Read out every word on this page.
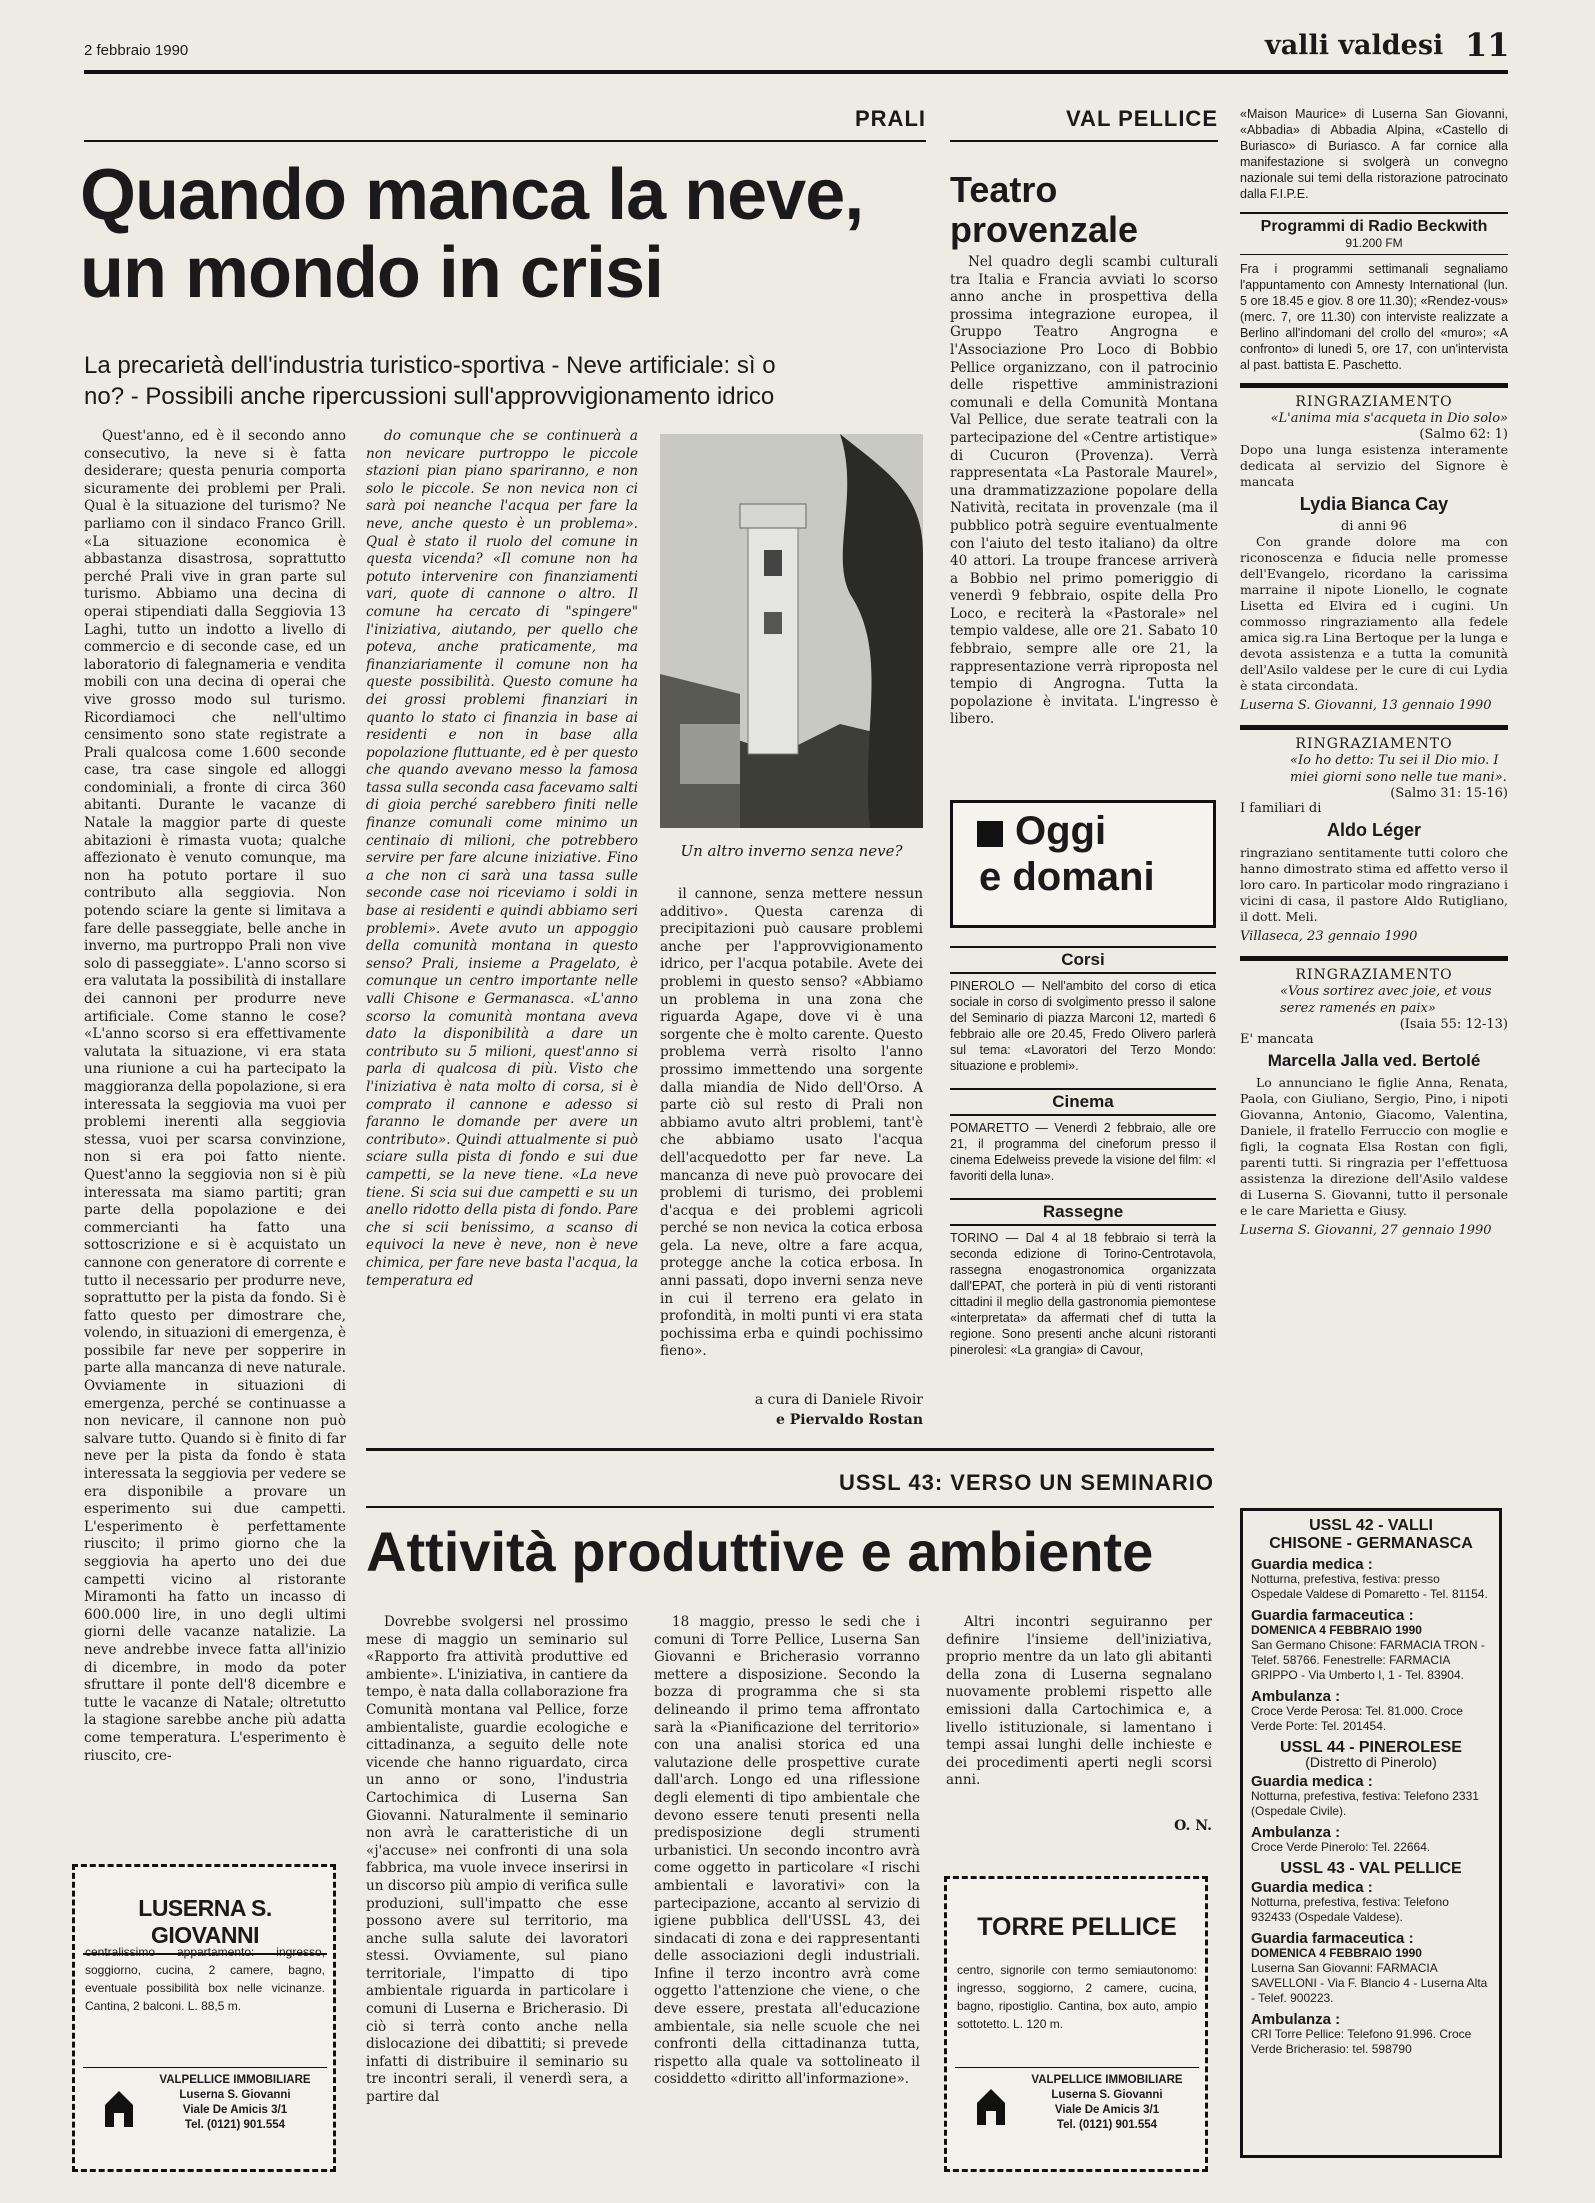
2 febbraio 1990	valli valdesi 11
PRALI
Quando manca la neve,
un mondo in crisi
La precarietà dell'industria turistico-sportiva - Neve artificiale: sì o
no? - Possibili anche ripercussioni sull'approvvigionamento idrico

Quest'anno, ed è il secondo anno consecutivo, la neve si è fatta desiderare; questa penuria comporta sicuramente dei problemi per Prali. Qual è la situazione del turismo? Ne parliamo con il sindaco Franco Grill. «La situazione economica è abbastanza disastrosa, soprattutto perché Prali vive in gran parte sul turismo. Abbiamo una decina di operai stipendiati dalla Seggiovia 13 Laghi, tutto un indotto a livello di commercio e di seconde case, ed un laboratorio di falegnameria e vendita mobili con una decina di operai che vive grosso modo sul turismo. Ricordiamoci che nell'ultimo censimento sono state registrate a Prali qualcosa come 1.600 seconde case, tra case singole ed alloggi condominiali, a fronte di circa 360 abitanti. Durante le vacanze di Natale la maggior parte di queste abitazioni è rimasta vuota; qualche affezionato è venuto comunque, ma non ha potuto portare il suo contributo alla seggiovia. Non potendo sciare la gente si limitava a fare delle passeggiate, belle anche in inverno, ma purtroppo Prali non vive solo di passeggiate». L'anno scorso si era valutata la possibilità di installare dei cannoni per produrre neve artificiale. Come stanno le cose? «L'anno scorso si era effettivamente valutata la situazione, vi era stata una riunione a cui ha partecipato la maggioranza della popolazione, si era interessata la seggiovia ma vuoi per problemi inerenti alla seggiovia stessa, vuoi per scarsa convinzione, non si era poi fatto niente. Quest'anno la seggiovia non si è più interessata ma siamo partiti; gran parte della popolazione e dei commercianti ha fatto una sottoscrizione e si è acquistato un cannone con generatore di corrente e tutto il necessario per produrre neve, soprattutto per la pista da fondo. Si è fatto questo per dimostrare che, volendo, in situazioni di emergenza, è possibile far neve per sopperire in parte alla mancanza di neve naturale. Ovviamente in situazioni di emergenza, perché se continuasse a non nevicare, il cannone non può salvare tutto. Quando si è finito di far neve per la pista da fondo è stata interessata la seggiovia per vedere se era disponibile a provare un esperimento sui due campetti. L'esperimento è perfettamente riuscito; il primo giorno che la seggiovia ha aperto uno dei due campetti vicino al ristorante Miramonti ha fatto un incasso di 600.000 lire, in uno degli ultimi giorni delle vacanze natalizie. La neve andrebbe invece fatta all'inizio di dicembre, in modo da poter sfruttare il ponte dell'8 dicembre e tutte le vacanze di Natale; oltretutto la stagione sarebbe anche più adatta come temperatura. L'esperimento è riuscito, cre-

do comunque che se continuerà a non nevicare purtroppo le piccole stazioni pian piano spariranno, e non solo le piccole. Se non nevica non ci sarà poi neanche l'acqua per fare la neve, anche questo è un problema». Qual è stato il ruolo del comune in questa vicenda? «Il comune non ha potuto intervenire con finanziamenti vari, quote di cannone o altro. Il comune ha cercato di "spingere" l'iniziativa, aiutando, per quello che poteva, anche praticamente, ma finanziariamente il comune non ha queste possibilità. Questo comune ha dei grossi problemi finanziari in quanto lo stato ci finanzia in base ai residenti e non in base alla popolazione fluttuante, ed è per questo che quando avevano messo la famosa tassa sulla seconda casa facevamo salti di gioia perché sarebbero finiti nelle finanze comunali come minimo un centinaio di milioni, che potrebbero servire per fare alcune iniziative. Fino a che non ci sarà una tassa sulle seconde case noi riceviamo i soldi in base ai residenti e quindi abbiamo seri problemi». Avete avuto un appoggio della comunità montana in questo senso? Prali, insieme a Pragelato, è comunque un centro importante nelle valli Chisone e Germanasca. «L'anno scorso la comunità montana aveva dato la disponibilità a dare un contributo su 5 milioni, quest'anno si parla di qualcosa di più. Visto che l'iniziativa è nata molto di corsa, si è comprato il cannone e adesso si faranno le domande per avere un contributo». Quindi attualmente si può sciare sulla pista di fondo e sui due campetti, se la neve tiene. «La neve tiene. Si scia sui due campetti e su un anello ridotto della pista di fondo. Pare che si scii benissimo, a scanso di equivoci la neve è neve, non è neve chimica, per fare neve basta l'acqua, la temperatura ed

Un altro inverno senza neve?

il cannone, senza mettere nessun additivo». Questa carenza di precipitazioni può causare problemi anche per l'approvvigionamento idrico, per l'acqua potabile. Avete dei problemi in questo senso? «Abbiamo un problema in una zona che riguarda Agape, dove vi è una sorgente che è molto carente. Questo problema verrà risolto l'anno prossimo immettendo una sorgente dalla miandia de Nido dell'Orso. A parte ciò sul resto di Prali non abbiamo avuto altri problemi, tant'è che abbiamo usato l'acqua dell'acquedotto per far neve. La mancanza di neve può provocare dei problemi di turismo, dei problemi d'acqua e dei problemi agricoli perché se non nevica la cotica erbosa gela. La neve, oltre a fare acqua, protegge anche la cotica erbosa. In anni passati, dopo inverni senza neve in cui il terreno era gelato in profondità, in molti punti vi era stata pochissima erba e quindi pochissimo fieno».

a cura di Daniele Rivoir
e Piervaldo Rostan
VAL PELLICE
Teatro
provenzale

Nel quadro degli scambi culturali tra Italia e Francia avviati lo scorso anno anche in prospettiva della prossima integrazione europea, il Gruppo Teatro Angrogna e l'Associazione Pro Loco di Bobbio Pellice organizzano, con il patrocinio delle rispettive amministrazioni comunali e della Comunità Montana Val Pellice, due serate teatrali con la partecipazione del «Centre artistique» di Cucuron (Provenza). Verrà rappresentata «La Pastorale Maurel», una drammatizzazione popolare della Natività, recitata in provenzale (ma il pubblico potrà seguire eventualmente con l'aiuto del testo italiano) da oltre 40 attori. La troupe francese arriverà a Bobbio nel primo pomeriggio di venerdì 9 febbraio, ospite della Pro Loco, e reciterà la «Pastorale» nel tempio valdese, alle ore 21. Sabato 10 febbraio, sempre alle ore 21, la rappresentazione verrà riproposta nel tempio di Angrogna. Tutta la popolazione è invitata. L'ingresso è libero.

Oggi
e domani
Corsi

PINEROLO — Nell'ambito del corso di etica sociale in corso di svolgimento presso il salone del Seminario di piazza Marconi 12, martedì 6 febbraio alle ore 20.45, Fredo Olivero parlerà sul tema: «Lavoratori del Terzo Mondo: situazione e problemi».

Cinema

POMARETTO — Venerdì 2 febbraio, alle ore 21, il programma del cineforum presso il cinema Edelweiss prevede la visione del film: «I favoriti della luna».

Rassegne

TORINO — Dal 4 al 18 febbraio si terrà la seconda edizione di Torino-Centrotavola, rassegna enogastronomica organizzata dall'EPAT, che porterà in più di venti ristoranti cittadini il meglio della gastronomia piemontese «interpretata» da affermati chef di tutta la regione. Sono presenti anche alcuni ristoranti pinerolesi: «La grangia» di Cavour,

«Maison Maurice» di Luserna San Giovanni, «Abbadia» di Abbadia Alpina, «Castello di Buriasco» di Buriasco. A far cornice alla manifestazione si svolgerà un convegno nazionale sui temi della ristorazione patrocinato dalla F.I.P.E.

Programmi di Radio Beckwith
91.200 FM

Fra i programmi settimanali segnaliamo l'appuntamento con Amnesty International (lun. 5 ore 18.45 e giov. 8 ore 11.30); «Rendez-vous» (merc. 7, ore 11.30) con interviste realizzate a Berlino all'indomani del crollo del «muro»; «A confronto» di lunedì 5, ore 17, con un'intervista al past. battista E. Paschetto.

RINGRAZIAMENTO
«L'anima mia s'acqueta in Dio solo»
(Salmo 62: 1)

Dopo una lunga esistenza interamente dedicata al servizio del Signore è mancata

Lydia Bianca Cay
di anni 96

Con grande dolore ma con riconoscenza e fiducia nelle promesse dell'Evangelo, ricordano la carissima marraine il nipote Lionello, le cognate Lisetta ed Elvira ed i cugini. Un commosso ringraziamento alla fedele amica sig.ra Lina Bertoque per la lunga e devota assistenza e a tutta la comunità dell'Asilo valdese per le cure di cui Lydia è stata circondata.

Luserna S. Giovanni, 13 gennaio 1990
RINGRAZIAMENTO
«Io ho detto: Tu sei il Dio mio. I miei giorni sono nelle tue mani».
(Salmo 31: 15-16)
I familiari di
Aldo Léger

ringraziano sentitamente tutti coloro che hanno dimostrato stima ed affetto verso il loro caro. In particolar modo ringraziano i vicini di casa, il pastore Aldo Rutigliano, il dott. Meli.

Villaseca, 23 gennaio 1990
RINGRAZIAMENTO
«Vous sortirez avec joie, et vous serez ramenés en paix»
(Isaia 55: 12-13)
E' mancata
Marcella Jalla ved. Bertolé

Lo annunciano le figlie Anna, Renata, Paola, con Giuliano, Sergio, Pino, i nipoti Giovanna, Antonio, Giacomo, Valentina, Daniele, il fratello Ferruccio con moglie e figli, la cognata Elsa Rostan con figli, parenti tutti. Si ringrazia per l'effettuosa assistenza la direzione dell'Asilo valdese di Luserna S. Giovanni, tutto il personale e le care Marietta e Giusy.

Luserna S. Giovanni, 27 gennaio 1990
USSL 43: VERSO UN SEMINARIO
Attività produttive e ambiente

Dovrebbe svolgersi nel prossimo mese di maggio un seminario sul «Rapporto fra attività produttive ed ambiente». L'iniziativa, in cantiere da tempo, è nata dalla collaborazione fra Comunità montana val Pellice, forze ambientaliste, guardie ecologiche e cittadinanza, a seguito delle note vicende che hanno riguardato, circa un anno or sono, l'industria Cartochimica di Luserna San Giovanni. Naturalmente il seminario non avrà le caratteristiche di un «j'accuse» nei confronti di una sola fabbrica, ma vuole invece inserirsi in un discorso più ampio di verifica sulle produzioni, sull'impatto che esse possono avere sul territorio, ma anche sulla salute dei lavoratori stessi. Ovviamente, sul piano territoriale, l'impatto di tipo ambientale riguarda in particolare i comuni di Luserna e Bricherasio. Di ciò si terrà conto anche nella dislocazione dei dibattiti; si prevede infatti di distribuire il seminario su tre incontri serali, il venerdì sera, a partire dal

18 maggio, presso le sedi che i comuni di Torre Pellice, Luserna San Giovanni e Bricherasio vorranno mettere a disposizione. Secondo la bozza di programma che si sta delineando il primo tema affrontato sarà la «Pianificazione del territorio» con una analisi storica ed una valutazione delle prospettive curate dall'arch. Longo ed una riflessione degli elementi di tipo ambientale che devono essere tenuti presenti nella predisposizione degli strumenti urbanistici. Un secondo incontro avrà come oggetto in particolare «I rischi ambientali e lavorativi» con la partecipazione, accanto al servizio di igiene pubblica dell'USSL 43, dei sindacati di zona e dei rappresentanti delle associazioni degli industriali. Infine il terzo incontro avrà come oggetto l'attenzione che viene, o che deve essere, prestata all'educazione ambientale, sia nelle scuole che nei confronti della cittadinanza tutta, rispetto alla quale va sottolineato il cosiddetto «diritto all'informazione».

Altri incontri seguiranno per definire l'insieme dell'iniziativa, proprio mentre da un lato gli abitanti della zona di Luserna segnalano nuovamente problemi rispetto alle emissioni dalla Cartochimica e, a livello istituzionale, si lamentano i tempi assai lunghi delle inchieste e dei procedimenti aperti negli scorsi anni.

O. N.
LUSERNA S. GIOVANNI

centralissimo appartamento: ingresso, soggiorno, cucina, 2 camere, bagno, eventuale possibilità box nelle vicinanze. Cantina, 2 balconi. L. 88,5 m.

VALPELLICE IMMOBILIARE
Luserna S. Giovanni
Viale De Amicis 3/1
Tel. (0121) 901.554
TORRE PELLICE

centro, signorile con termo semiautonomo: ingresso, soggiorno, 2 camere, cucina, bagno, ripostiglio. Cantina, box auto, ampio sottotetto. L. 120 m.

VALPELLICE IMMOBILIARE
Luserna S. Giovanni
Viale De Amicis 3/1
Tel. (0121) 901.554
USSL 42 - VALLI
CHISONE - GERMANASCA
Guardia medica :
Notturna, prefestiva, festiva: presso Ospedale Valdese di Pomaretto - Tel. 81154.
Guardia farmaceutica :
DOMENICA 4 FEBBRAIO 1990
San Germano Chisone: FARMACIA TRON - Telef. 58766. Fenestrelle: FARMACIA GRIPPO - Via Umberto I, 1 - Tel. 83904.
Ambulanza :
Croce Verde Perosa: Tel. 81.000. Croce Verde Porte: Tel. 201454.
USSL 44 - PINEROLESE
(Distretto di Pinerolo)
Guardia medica :
Notturna, prefestiva, festiva: Telefono 2331 (Ospedale Civile).
Ambulanza :
Croce Verde Pinerolo: Tel. 22664.
USSL 43 - VAL PELLICE
Guardia medica :
Notturna, prefestiva, festiva: Telefono 932433 (Ospedale Valdese).
Guardia farmaceutica :
DOMENICA 4 FEBBRAIO 1990
Luserna San Giovanni: FARMACIA SAVELLONI - Via F. Blancio 4 - Luserna Alta - Telef. 900223.
Ambulanza :
CRI Torre Pellice: Telefono 91.996. Croce Verde Bricherasio: tel. 598790
